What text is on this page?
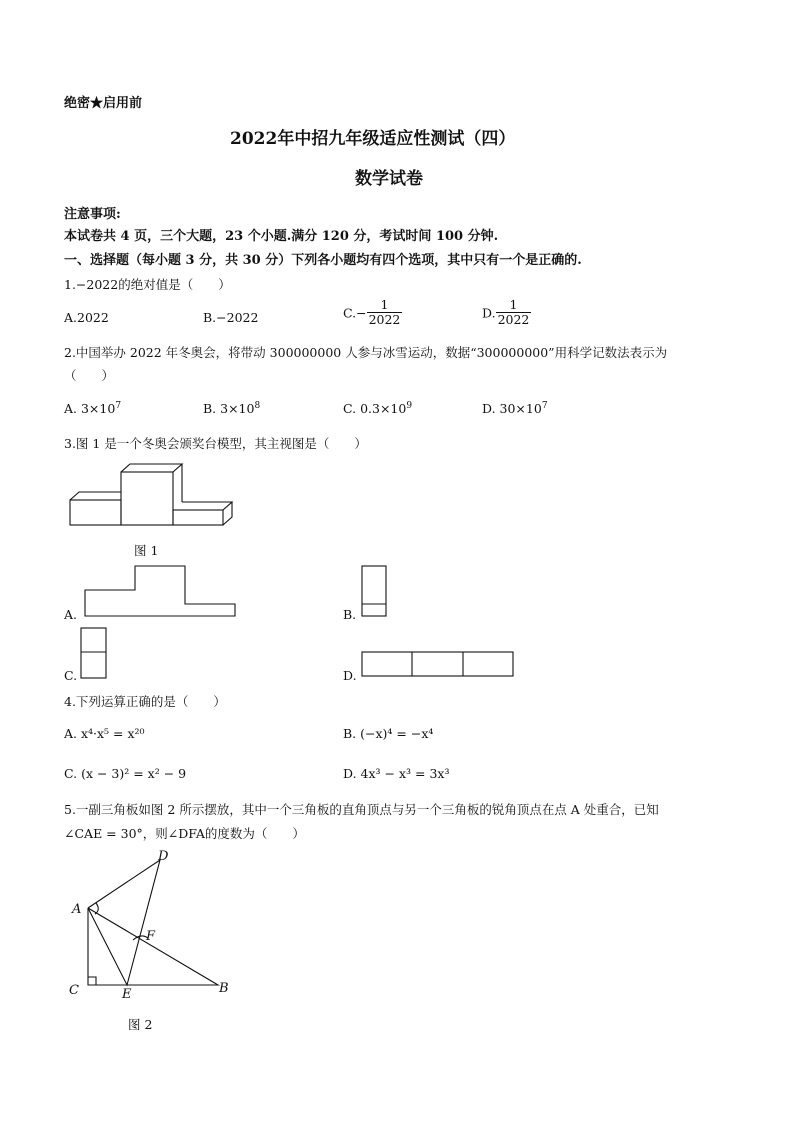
绝密★启用前
2022年中招九年级适应性测试（四）
数学试卷
注意事项:
本试卷共 4 页，三个大题，23 个小题.满分 120 分，考试时间 100 分钟.
一、选择题（每小题 3 分，共 30 分）下列各小题均有四个选项，其中只有一个是正确的.
1.−2022的绝对值是（　　）
A.2022	B.−2022	$C.- \frac{1}{2022}$	D. $\frac{1}{2022}$
2.中国举办 2022 年冬奥会，将带动 300000000 人参与冰雪运动，数据“300000000”用科学记数法表示为
（　　）
A. $3\times 10^7$	B. $3\times 10^8$	C. $0.3\times 10^9$	D. $30\times 10^7$
3.图 1 是一个冬奥会颁奖台模型，其主视图是（　　）
图 1
A.	B.
C.	D.
4.下列运算正确的是（　　）
A. x⁴·x⁵ = x²⁰	B. (−x)⁴ = −x⁴
C. (x − 3)² = x² − 9	D. 4x³ − x³ = 3x³
5.一副三角板如图 2 所示摆放，其中一个三角板的直角顶点与另一个三角板的锐角顶点在点 A 处重合，已知
∠CAE = 30°，则∠DFA的度数为（　　）
D
A
F
C	E	B
图 2
